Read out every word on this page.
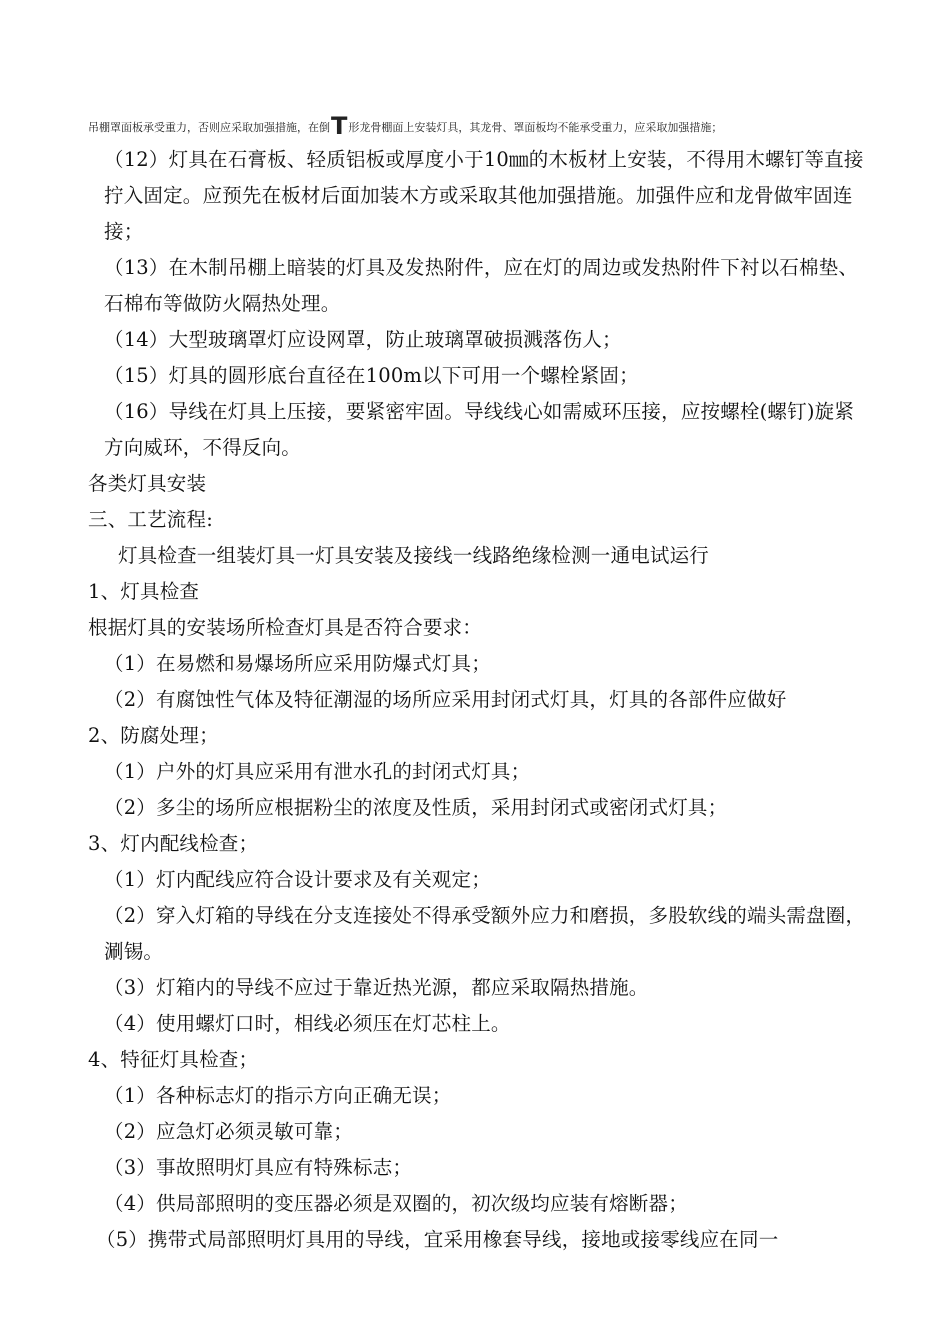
吊棚罩面板承受重力，否则应采取加强措施，在倒T形龙骨棚面上安装灯具，其龙骨、罩面板均不能承受重力，应采取加强措施；

（12）灯具在石膏板、轻质铝板或厚度小于10㎜的木板材上安装，不得用木螺钉等直接拧入固定。应预先在板材后面加装木方或采取其他加强措施。加强件应和龙骨做牢固连接；

（13）在木制吊棚上暗装的灯具及发热附件，应在灯的周边或发热附件下衬以石棉垫、石棉布等做防火隔热处理。

（14）大型玻璃罩灯应设网罩，防止玻璃罩破损溅落伤人；

（15）灯具的圆形底台直径在100m以下可用一个螺栓紧固；

（16）导线在灯具上压接，要紧密牢固。导线线心如需威环压接，应按螺栓(螺钉)旋紧方向威环，不得反向。

各类灯具安装

三、工艺流程:

灯具检查一组装灯具一灯具安装及接线一线路绝缘检测一通电试运行

1、灯具检查

根据灯具的安装场所检查灯具是否符合要求：

（1）在易燃和易爆场所应采用防爆式灯具；

（2）有腐蚀性气体及特征潮湿的场所应采用封闭式灯具，灯具的各部件应做好

2、防腐处理；

（1）户外的灯具应采用有泄水孔的封闭式灯具；

（2）多尘的场所应根据粉尘的浓度及性质，采用封闭式或密闭式灯具；

3、灯内配线检查；

（1）灯内配线应符合设计要求及有关观定；

（2）穿入灯箱的导线在分支连接处不得承受额外应力和磨损，多股软线的端头需盘圈，涮锡。

（3）灯箱内的导线不应过于靠近热光源，都应采取隔热措施。

（4）使用螺灯口时，相线必须压在灯芯柱上。

4、特征灯具检查；

（1）各种标志灯的指示方向正确无误；

（2）应急灯必须灵敏可靠；

（3）事故照明灯具应有特殊标志；

（4）供局部照明的变压器必须是双圈的，初次级均应装有熔断器；

（5）携带式局部照明灯具用的导线，宜采用橡套导线，接地或接零线应在同一
